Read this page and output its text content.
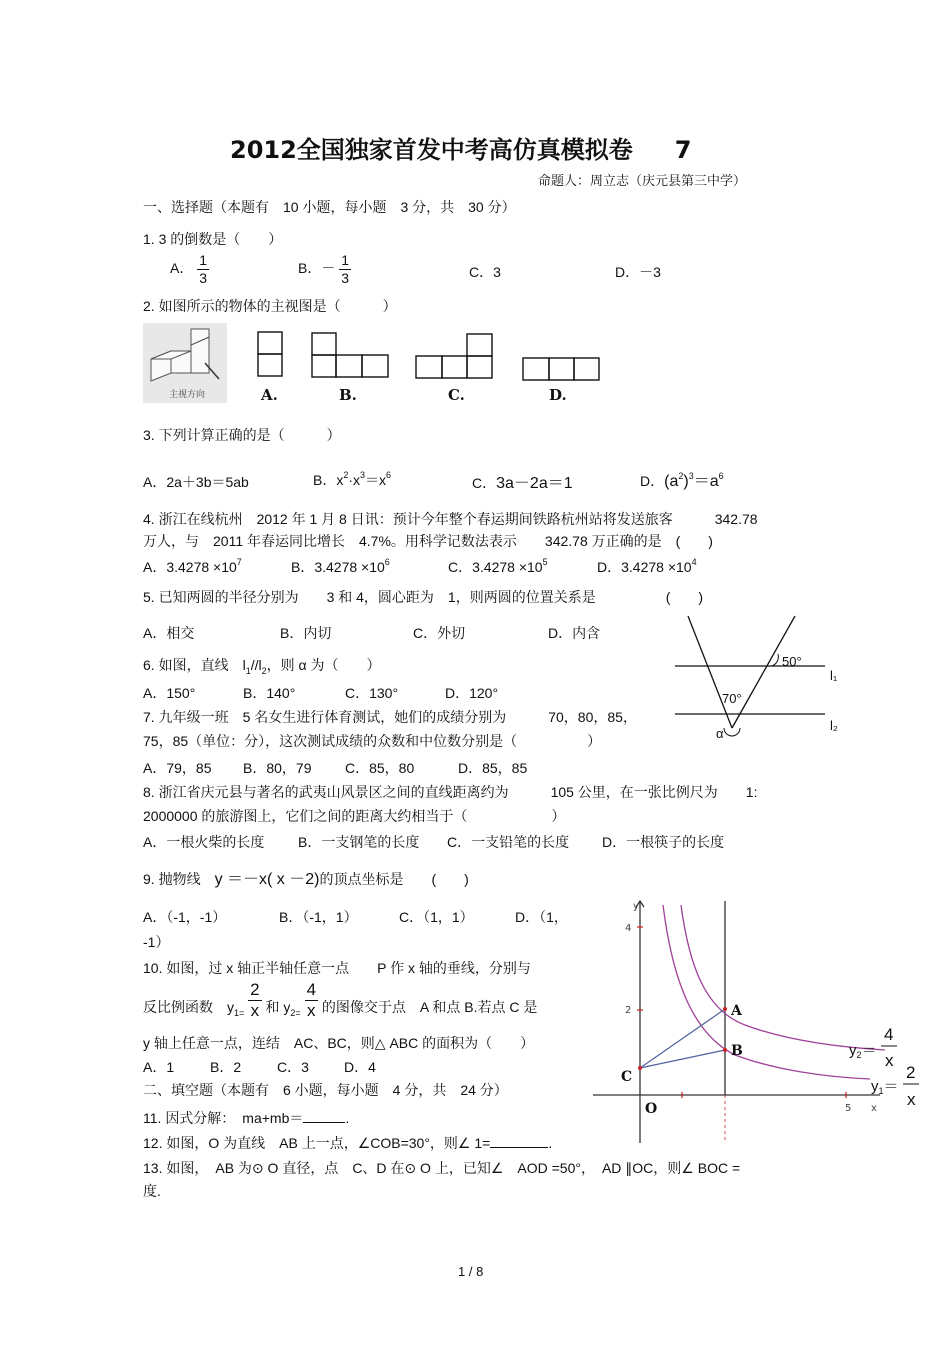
2012全国独家首发中考高仿真模拟卷 7
命题人：周立志（庆元县第三中学）
一、选择题（本题有　10 小题，每小题　3 分，共　30 分）
1. 3 的倒数是（　　）
A． $\frac{1}{3}$	B．－ $\frac{1}{3}$	C．3	D．－3
2. 如图所示的物体的主视图是（　　　）
主视方向	A.	B.	C.	D.
3. 下列计算正确的是（　　　）
A．2a＋3b＝5ab	B．$x^2\cdot x^3=x^6$	C．3a－2a＝1	D．$(a^2)^3=a^6$
4. 浙江在线杭州　2012 年 1 月 8 日讯：预计今年整个春运期间铁路杭州站将发送旅客　　　342.78
万人，与　2011 年春运同比增长　4.7%。用科学记数法表示　　342.78 万正确的是　(　　)
A．$3.4278 \times 10^7$	B．$3.4278 \times 10^6$	C．$3.4278 \times 10^5$	D．$3.4278 \times 10^4$
5. 已知两圆的半径分别为　　3 和 4，圆心距为　1，则两圆的位置关系是　　　　　(　　)
A．相交	B．内切	C．外切	D．内含
6. 如图，直线　$l_1//l_2$，则 α 为（　　）
A．150°	B．140°	C．130°	D．120°
50°
70°
α
l₁
l₂
7. 九年级一班　5 名女生进行体育测试，她们的成绩分别为　　　70，80，85，
75，85（单位：分），这次测试成绩的众数和中位数分别是（　　　　　）
A．79，85 B．80，79 C．85，80	D．85，85
8. 浙江省庆元县与著名的武夷山风景区之间的直线距离约为　　　105 公里，在一张比例尺为　　1:
2000000 的旅游图上，它们之间的距离大约相当于（　　　　　　）
A．一根火柴的长度 B．一支钢笔的长度 C．一支铅笔的长度 D．一根筷子的长度
9. 抛物线　 y ＝－x( x －2)的顶点坐标是　　(　　)
A．（-1，-1）	B．（-1，1）	C．（1，1）	D．（1，
-1）
10. 如图，过 x 轴正半轴任意一点　　P 作 x 轴的垂线，分别与
反比例函数　$y_{1=} \frac{2}{x}$ 和 $y_{2=} \frac{4}{x}$ 的图像交于点　A 和点 B.若点 C 是
y 轴上任意一点，连结　AC、BC，则△ ABC 的面积为（　　）
A．1	B．2	C．3	D．4
A
B
C
O
4
2
5 x
y
$y_2=$
4
x
$y_1=$
2
x
二、填空题（本题有　6 小题，每小题　4 分，共　24 分）
11. 因式分解：　ma+mb＝	.
12. 如图，O 为直线　AB 上一点，∠COB=30°，则∠ 1=	.
13. 如图，　AB 为⊙ O 直径，点　C、D 在⊙ O 上，已知∠　AOD =50°，　AD ∥OC，则∠ BOC =
度.
1 / 8
